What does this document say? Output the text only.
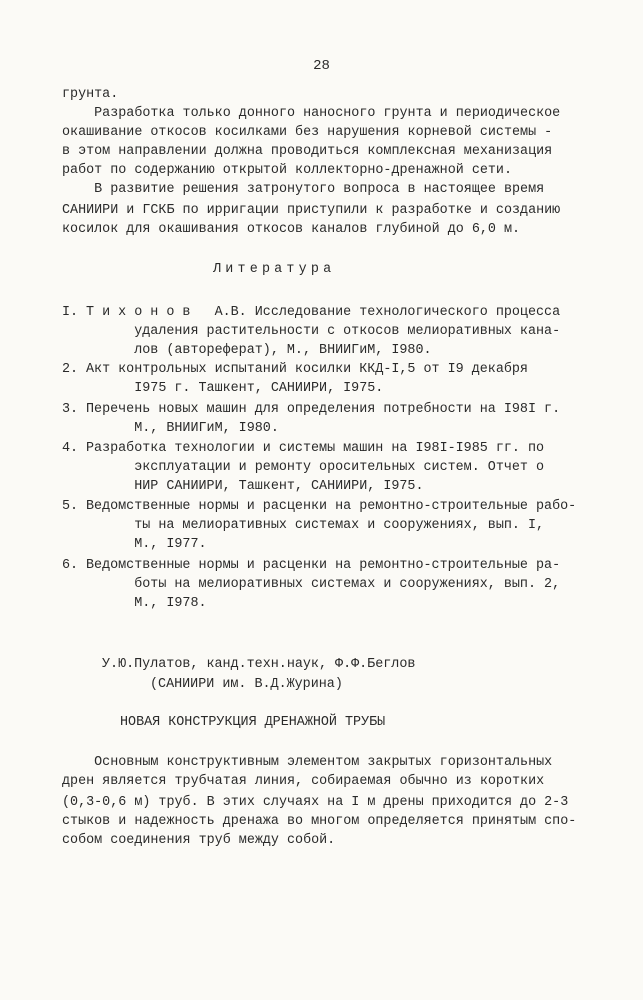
28
грунта.
Разработка только донного наносного грунта и периодическое
окашивание откосов косилками без нарушения корневой системы -
в этом направлении должна проводиться комплексная механизация
работ по содержанию открытой коллекторно-дренажной сети.
В развитие решения затронутого вопроса в настоящее время
САНИИРИ и ГСКБ по ирригации приступили к разработке и созданию
косилок для окашивания откосов каналов глубиной до 6,0 м.
Литература
I. Т и х о н о в   А.В. Исследование технологического процесса
удаления растительности с откосов мелиоративных кана-
лов (автореферат), М., ВНИИГиМ, I980.
2. Акт контрольных испытаний косилки ККД-I,5 от I9 декабря
I975 г. Ташкент, САНИИРИ, I975.
3. Перечень новых машин для определения потребности на I98I г.
М., ВНИИГиМ, I980.
4. Разработка технологии и системы машин на I98I-I985 гг. по
эксплуатации и ремонту оросительных систем. Отчет о
НИР САНИИРИ, Ташкент, САНИИРИ, I975.
5. Ведомственные нормы и расценки на ремонтно-строительные рабо-
ты на мелиоративных системах и сооружениях, вып. I,
М., I977.
6. Ведомственные нормы и расценки на ремонтно-строительные ра-
боты на мелиоративных системах и сооружениях, вып. 2,
М., I978.
У.Ю.Пулатов, канд.техн.наук, Ф.Ф.Беглов
(САНИИРИ им. В.Д.Журина)
НОВАЯ КОНСТРУКЦИЯ ДРЕНАЖНОЙ ТРУБЫ
Основным конструктивным элементом закрытых горизонтальных
дрен является трубчатая линия, собираемая обычно из коротких
(0,3-0,6 м) труб. В этих случаях на I м дрены приходится до 2-3
стыков и надежность дренажа во многом определяется принятым спо-
собом соединения труб между собой.
